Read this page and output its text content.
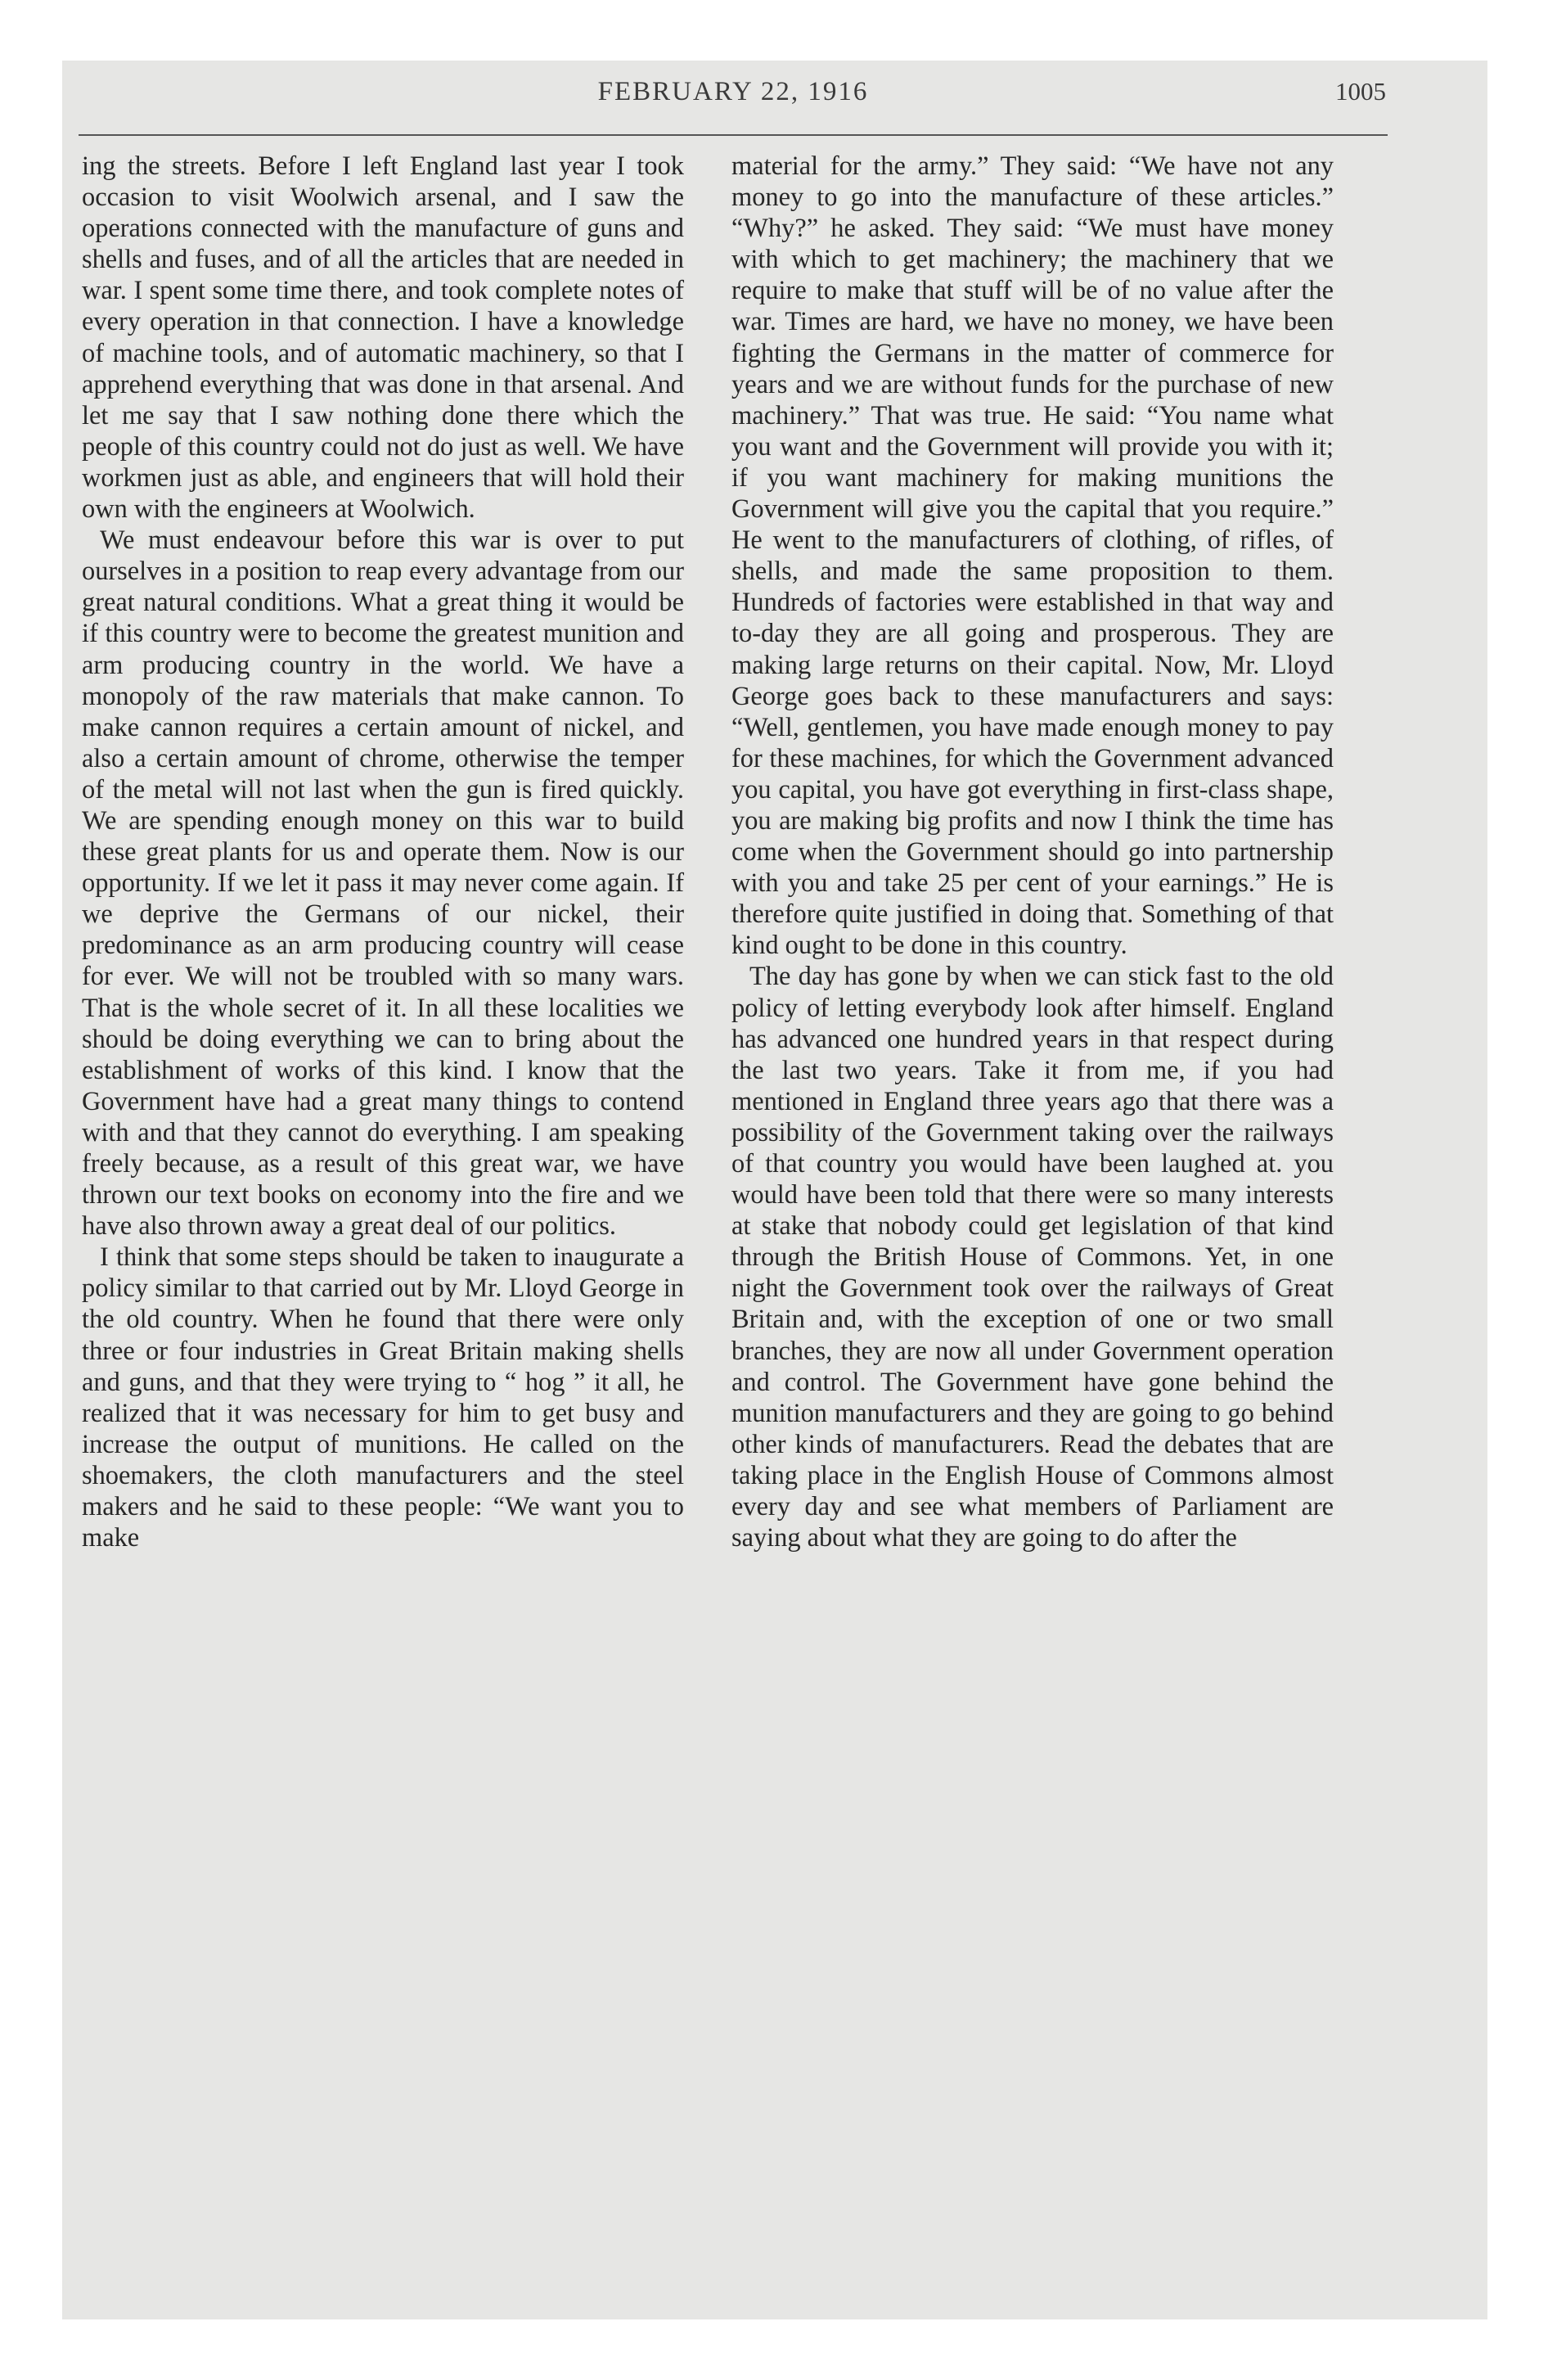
FEBRUARY 22, 1916	1005

ing the streets. Before I left England last year I took occasion to visit Woolwich arsenal, and I saw the operations connected with the manufacture of guns and shells and fuses, and of all the articles that are needed in war. I spent some time there, and took complete notes of every operation in that connection. I have a knowledge of machine tools, and of automatic machinery, so that I apprehend everything that was done in that arsenal. And let me say that I saw nothing done there which the people of this country could not do just as well. We have workmen just as able, and engineers that will hold their own with the engineers at Woolwich.

We must endeavour before this war is over to put ourselves in a position to reap every advantage from our great natural conditions. What a great thing it would be if this country were to become the greatest munition and arm producing country in the world. We have a monopoly of the raw materials that make cannon. To make cannon requires a certain amount of nickel, and also a certain amount of chrome, otherwise the temper of the metal will not last when the gun is fired quickly. We are spending enough money on this war to build these great plants for us and operate them. Now is our opportunity. If we let it pass it may never come again. If we deprive the Germans of our nickel, their predominance as an arm producing country will cease for ever. We will not be troubled with so many wars. That is the whole secret of it. In all these localities we should be doing everything we can to bring about the establishment of works of this kind. I know that the Government have had a great many things to contend with and that they cannot do everything. I am speaking freely because, as a result of this great war, we have thrown our text books on economy into the fire and we have also thrown away a great deal of our politics.

I think that some steps should be taken to inaugurate a policy similar to that carried out by Mr. Lloyd George in the old country. When he found that there were only three or four industries in Great Britain making shells and guns, and that they were trying to “ hog ” it all, he realized that it was necessary for him to get busy and increase the output of munitions. He called on the shoemakers, the cloth manufacturers and the steel makers and he said to these people: “We want you to make

material for the army.” They said: “We have not any money to go into the manufacture of these articles.” “Why?” he asked. They said: “We must have money with which to get machinery; the machinery that we require to make that stuff will be of no value after the war. Times are hard, we have no money, we have been fighting the Germans in the matter of commerce for years and we are without funds for the purchase of new machinery.” That was true. He said: “You name what you want and the Government will provide you with it; if you want machinery for making munitions the Government will give you the capital that you require.” He went to the manufacturers of clothing, of rifles, of shells, and made the same proposition to them. Hundreds of factories were established in that way and to-day they are all going and prosperous. They are making large returns on their capital. Now, Mr. Lloyd George goes back to these manufacturers and says: “Well, gentlemen, you have made enough money to pay for these machines, for which the Government advanced you capital, you have got everything in first-class shape, you are making big profits and now I think the time has come when the Government should go into partnership with you and take 25 per cent of your earnings.” He is therefore quite justified in doing that. Something of that kind ought to be done in this country.

The day has gone by when we can stick fast to the old policy of letting everybody look after himself. England has advanced one hundred years in that respect during the last two years. Take it from me, if you had mentioned in England three years ago that there was a possibility of the Government taking over the railways of that country you would have been laughed at. you would have been told that there were so many interests at stake that nobody could get legislation of that kind through the British House of Commons. Yet, in one night the Government took over the railways of Great Britain and, with the exception of one or two small branches, they are now all under Government operation and control. The Government have gone behind the munition manufacturers and they are going to go behind other kinds of manufacturers. Read the debates that are taking place in the English House of Commons almost every day and see what members of Parliament are saying about what they are going to do after the
